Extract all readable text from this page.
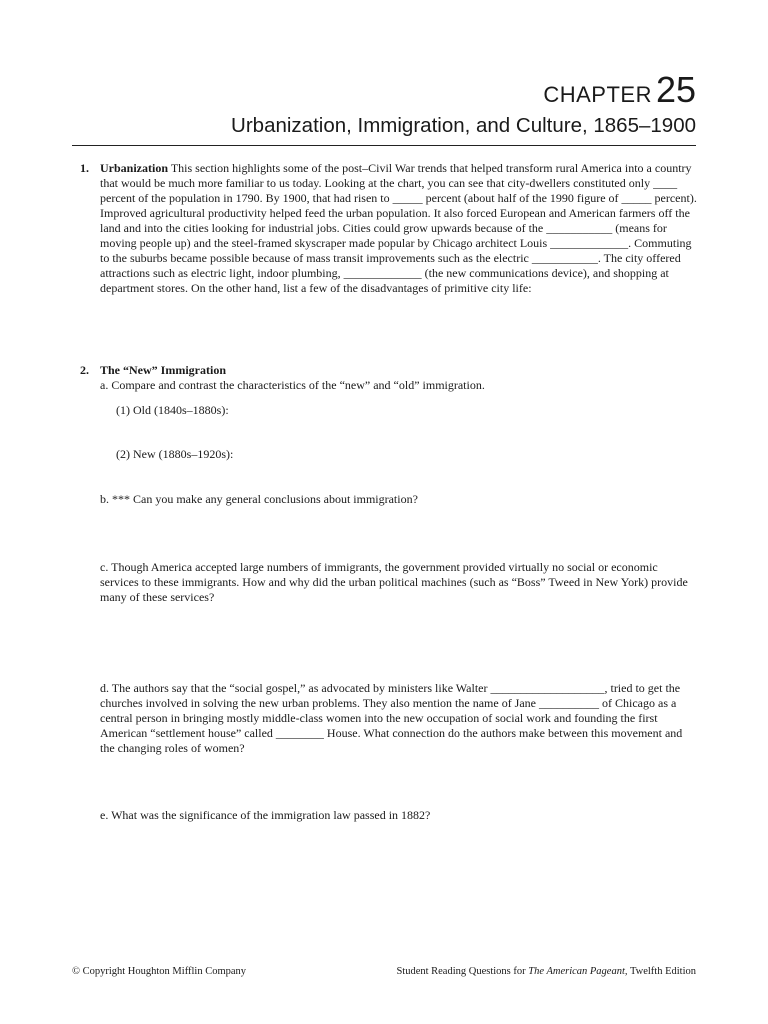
CHAPTER 25
Urbanization, Immigration, and Culture, 1865–1900
1. Urbanization This section highlights some of the post–Civil War trends that helped transform rural America into a country that would be much more familiar to us today. Looking at the chart, you can see that city-dwellers constituted only ____ percent of the population in 1790. By 1900, that had risen to _____ percent (about half of the 1990 figure of _____ percent). Improved agricultural productivity helped feed the urban population. It also forced European and American farmers off the land and into the cities looking for industrial jobs. Cities could grow upwards because of the ___________ (means for moving people up) and the steel-framed skyscraper made popular by Chicago architect Louis _____________. Commuting to the suburbs became possible because of mass transit improvements such as the electric ___________. The city offered attractions such as electric light, indoor plumbing, _____________ (the new communications device), and shopping at department stores. On the other hand, list a few of the disadvantages of primitive city life:
2. The “New” Immigration
a. Compare and contrast the characteristics of the “new” and “old” immigration.
(1) Old (1840s–1880s):
(2) New (1880s–1920s):
b. *** Can you make any general conclusions about immigration?
c. Though America accepted large numbers of immigrants, the government provided virtually no social or economic services to these immigrants. How and why did the urban political machines (such as “Boss” Tweed in New York) provide many of these services?
d. The authors say that the “social gospel,” as advocated by ministers like Walter ___________________, tried to get the churches involved in solving the new urban problems. They also mention the name of Jane __________ of Chicago as a central person in bringing mostly middle-class women into the new occupation of social work and founding the first American “settlement house” called ________ House. What connection do the authors make between this movement and the changing roles of women?
e. What was the significance of the immigration law passed in 1882?
© Copyright Houghton Mifflin Company	Student Reading Questions for The American Pageant, Twelfth Edition
